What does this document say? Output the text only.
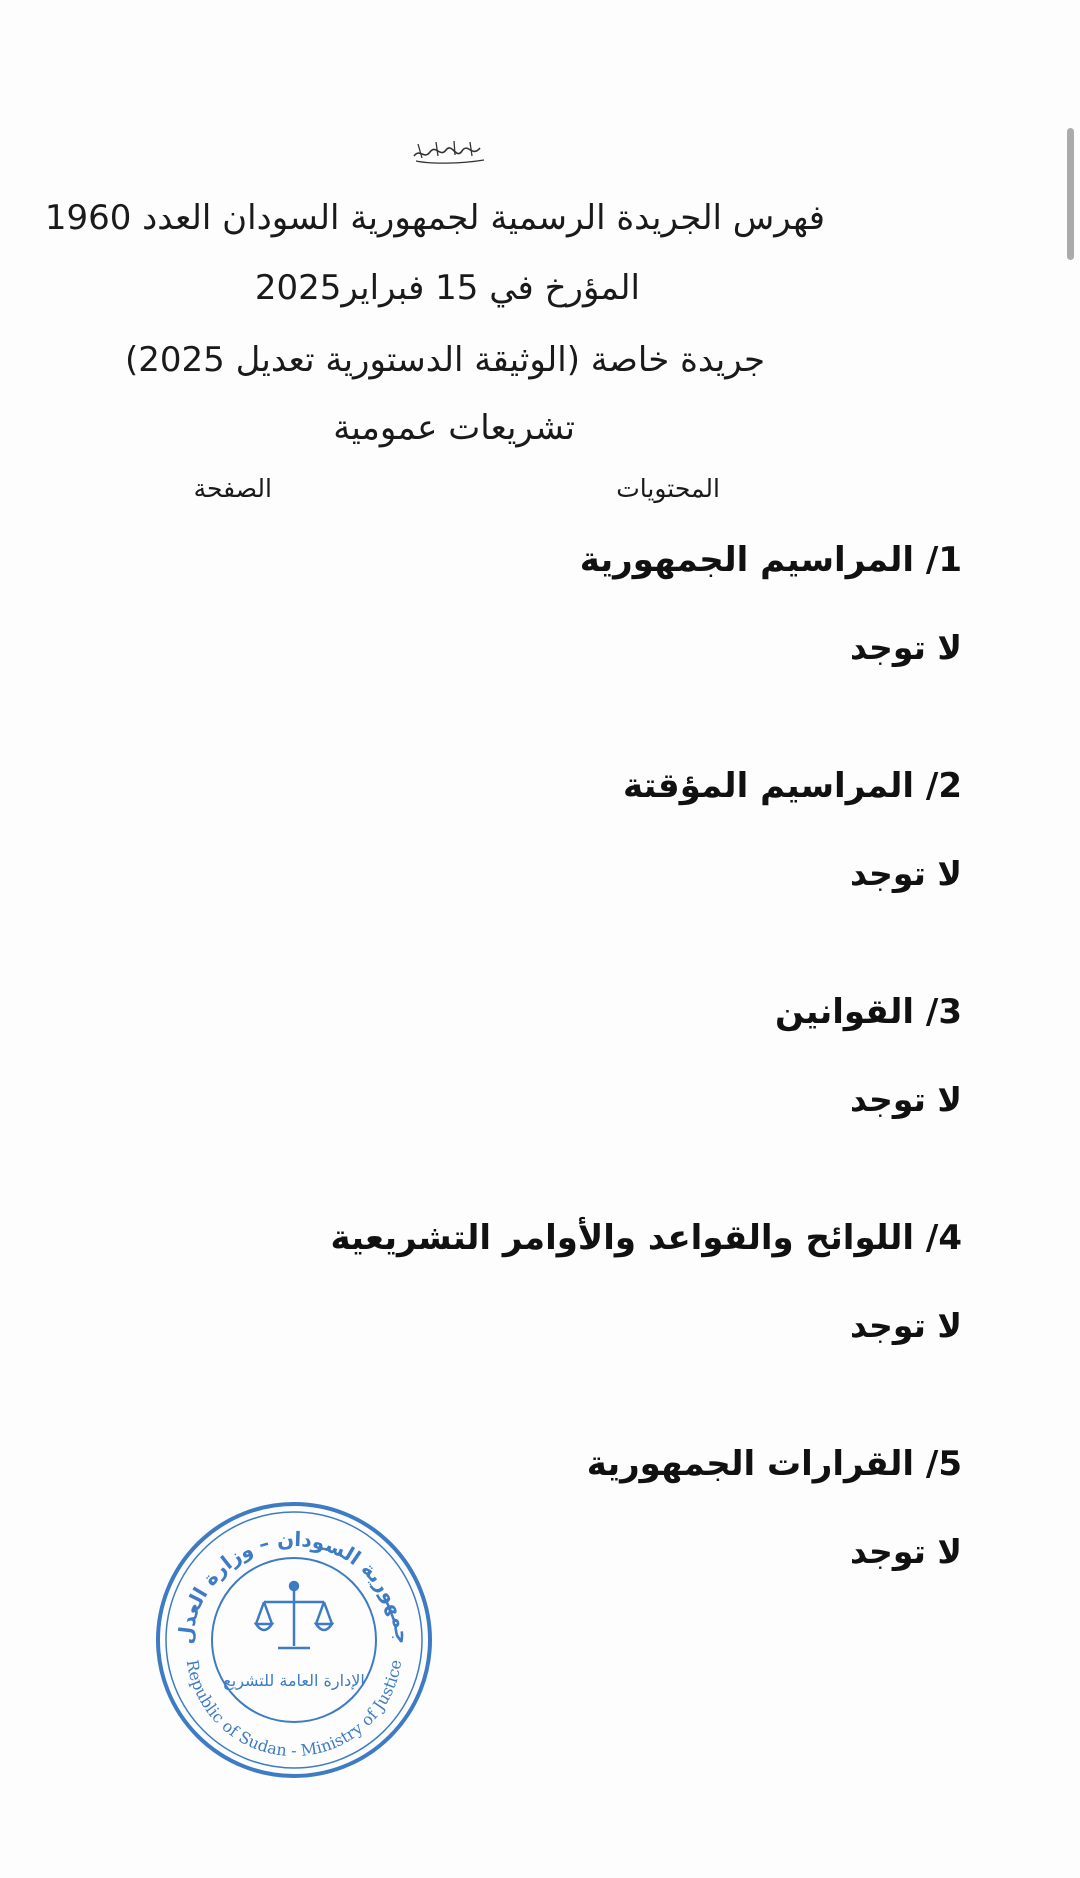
فهرس الجريدة الرسمية لجمهورية السودان العدد 1960
المؤرخ في 15 فبراير2025
جريدة خاصة (الوثيقة الدستورية تعديل 2025)
تشريعات عمومية
المحتويات
الصفحة
1/ المراسيم الجمهورية
لا توجد
2/ المراسيم المؤقتة
لا توجد
3/ القوانين
لا توجد
4/ اللوائح والقواعد والأوامر التشريعية
لا توجد
5/ القرارات الجمهورية
لا توجد
جمهورية السودان – وزارة العدل
Republic of Sudan - Ministry of Justice
الإدارة العامة للتشريع
